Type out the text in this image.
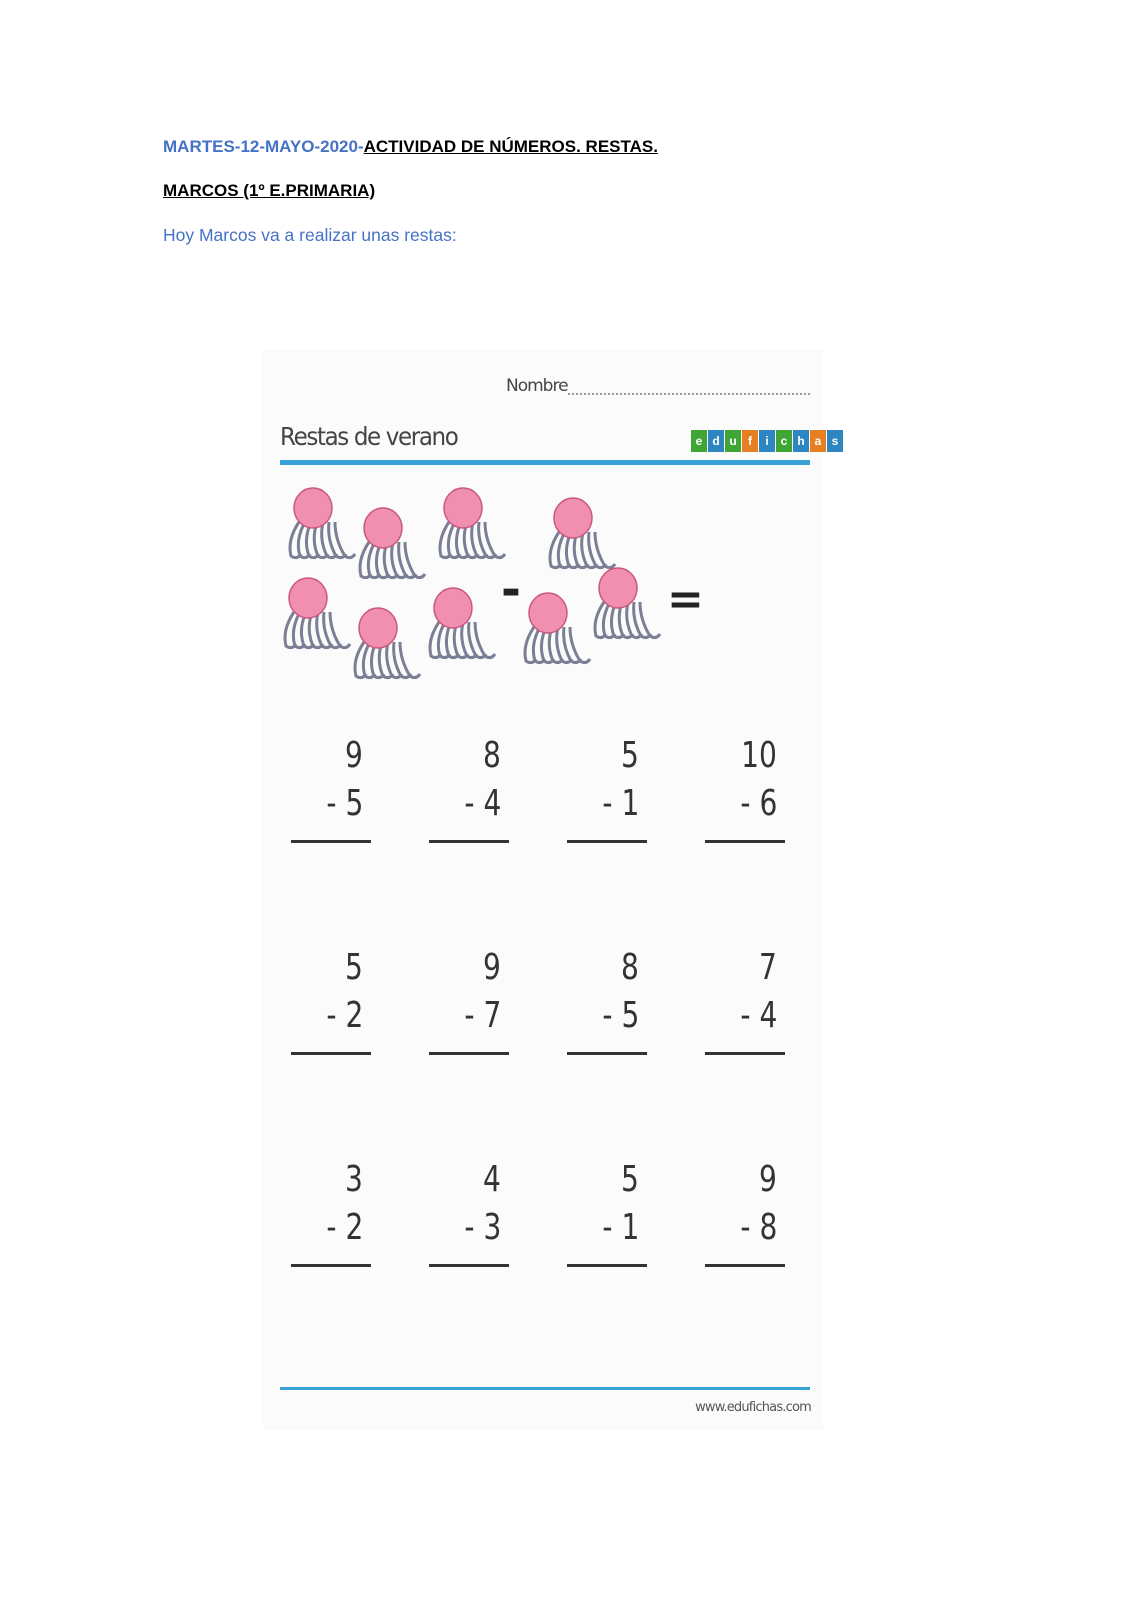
MARTES-12-MAYO-2020-ACTIVIDAD DE NÚMEROS. RESTAS.

MARCOS (1º E.PRIMARIA)

Hoy Marcos va a realizar unas restas:

Nombre
Restas de verano	e d u f	i c h a s
-	=
9
- 5
8
- 4
5
- 1
10
- 6
5
- 2
9
- 7
8
- 5
7
- 4
3
- 2
4
- 3
5
- 1
9
- 8
www.edufichas.com
